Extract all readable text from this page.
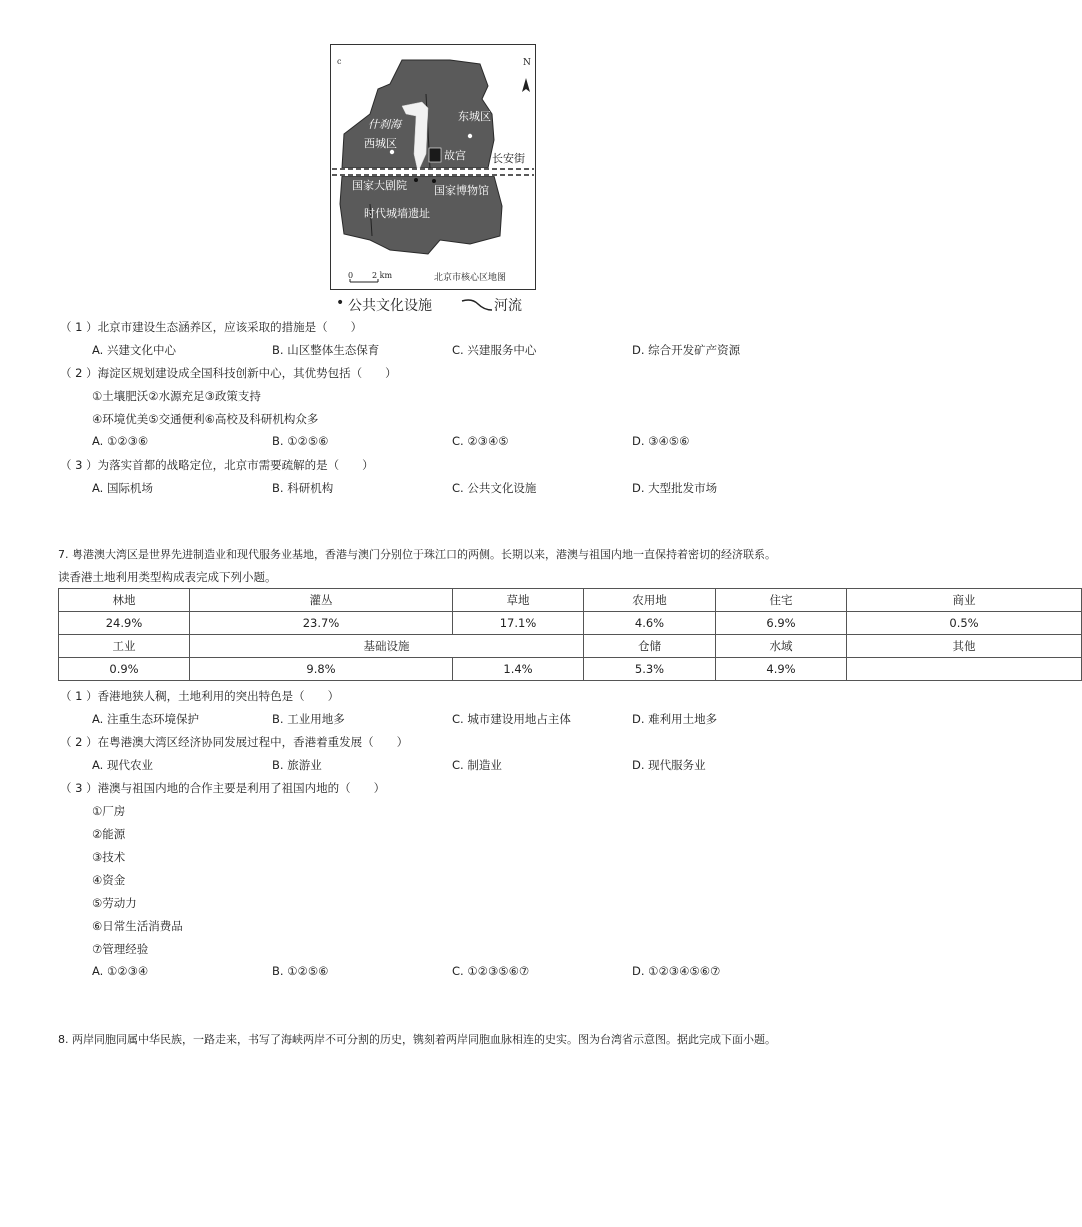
c	N
什刹海
东城区
西城区
故宫
国家大剧院 国家博物馆
时代城墙遗址
长安街
0 2 km	北京市核心区地图
• 公共文化设施	河流
（ 1 ）北京市建设生态涵养区，应该采取的措施是（　　）
A. 兴建文化中心	B. 山区整体生态保育	C. 兴建服务中心	D. 综合开发矿产资源
（ 2 ）海淀区规划建设成全国科技创新中心，其优势包括（　　）
①土壤肥沃②水源充足③政策支持
④环境优美⑤交通便利⑥高校及科研机构众多
A. ①②③⑥	B. ①②⑤⑥	C. ②③④⑤	D. ③④⑤⑥
（ 3 ）为落实首都的战略定位，北京市需要疏解的是（　　）
A. 国际机场	B. 科研机构	C. 公共文化设施	D. 大型批发市场
7. 粤港澳大湾区是世界先进制造业和现代服务业基地，香港与澳门分别位于珠江口的两侧。长期以来，港澳与祖国内地一直保持着密切的经济联系。
读香港土地利用类型构成表完成下列小题。
林地	灌丛	草地	农用地	住宅	商业
24.9%	23.7%	17.1%	4.6%	6.9%	0.5%
工业	基础设施		仓储	水域	其他
0.9%	9.8%	1.4%	5.3%	4.9%	
（ 1 ）香港地狭人稠，土地利用的突出特色是（　　）
A. 注重生态环境保护	B. 工业用地多	C. 城市建设用地占主体	D. 难利用土地多
（ 2 ）在粤港澳大湾区经济协同发展过程中，香港着重发展（　　）
A. 现代农业	B. 旅游业	C. 制造业	D. 现代服务业
（ 3 ）港澳与祖国内地的合作主要是利用了祖国内地的（　　）
①厂房
②能源
③技术
④资金
⑤劳动力
⑥日常生活消费品
⑦管理经验
A. ①②③④	B. ①②⑤⑥	C. ①②③⑤⑥⑦	D. ①②③④⑤⑥⑦
8. 两岸同胞同属中华民族，一路走来，书写了海峡两岸不可分割的历史，镌刻着两岸同胞血脉相连的史实。图为台湾省示意图。据此完成下面小题。
